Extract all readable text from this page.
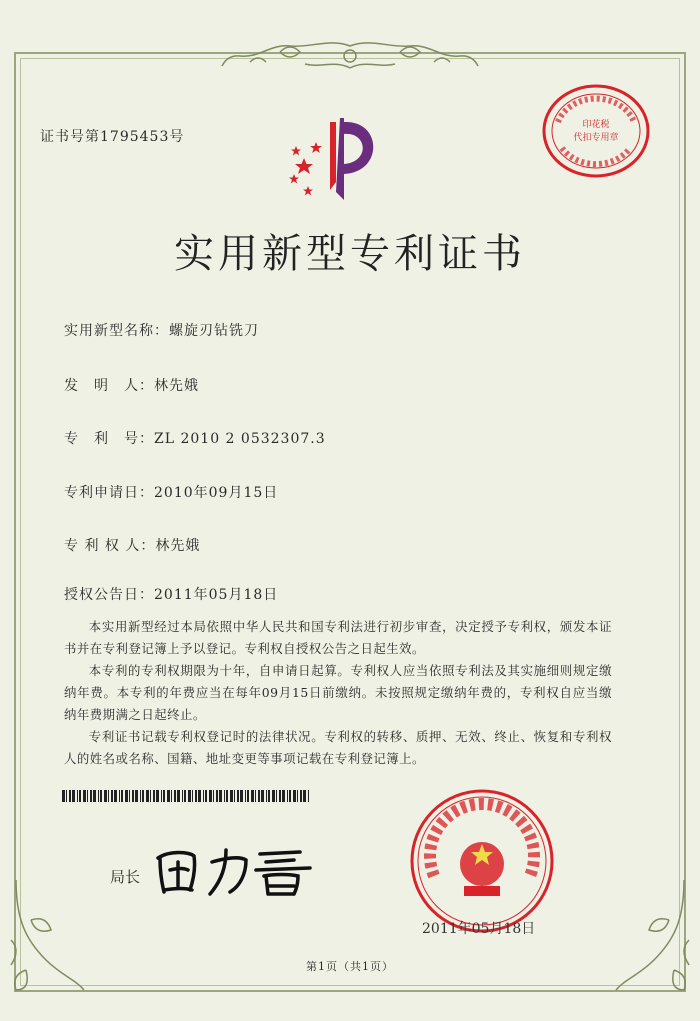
证书号第1795453号
印花税
代扣专用章
实用新型专利证书
实用新型名称：螺旋刃钻铣刀
发　明　人：林先娥
专　利　号：ZL 2010 2 0532307.3
专利申请日：2010年09月15日
专 利 权 人：林先娥
授权公告日：2011年05月18日

本实用新型经过本局依照中华人民共和国专利法进行初步审查，决定授予专利权，颁发本证书并在专利登记簿上予以登记。专利权自授权公告之日起生效。

本专利的专利权期限为十年，自申请日起算。专利权人应当依照专利法及其实施细则规定缴纳年费。本专利的年费应当在每年09月15日前缴纳。未按照规定缴纳年费的，专利权自应当缴纳年费期满之日起终止。

专利证书记载专利权登记时的法律状况。专利权的转移、质押、无效、终止、恢复和专利权人的姓名或名称、国籍、地址变更等事项记载在专利登记簿上。

局长
2011年05月18日
第1页（共1页）
